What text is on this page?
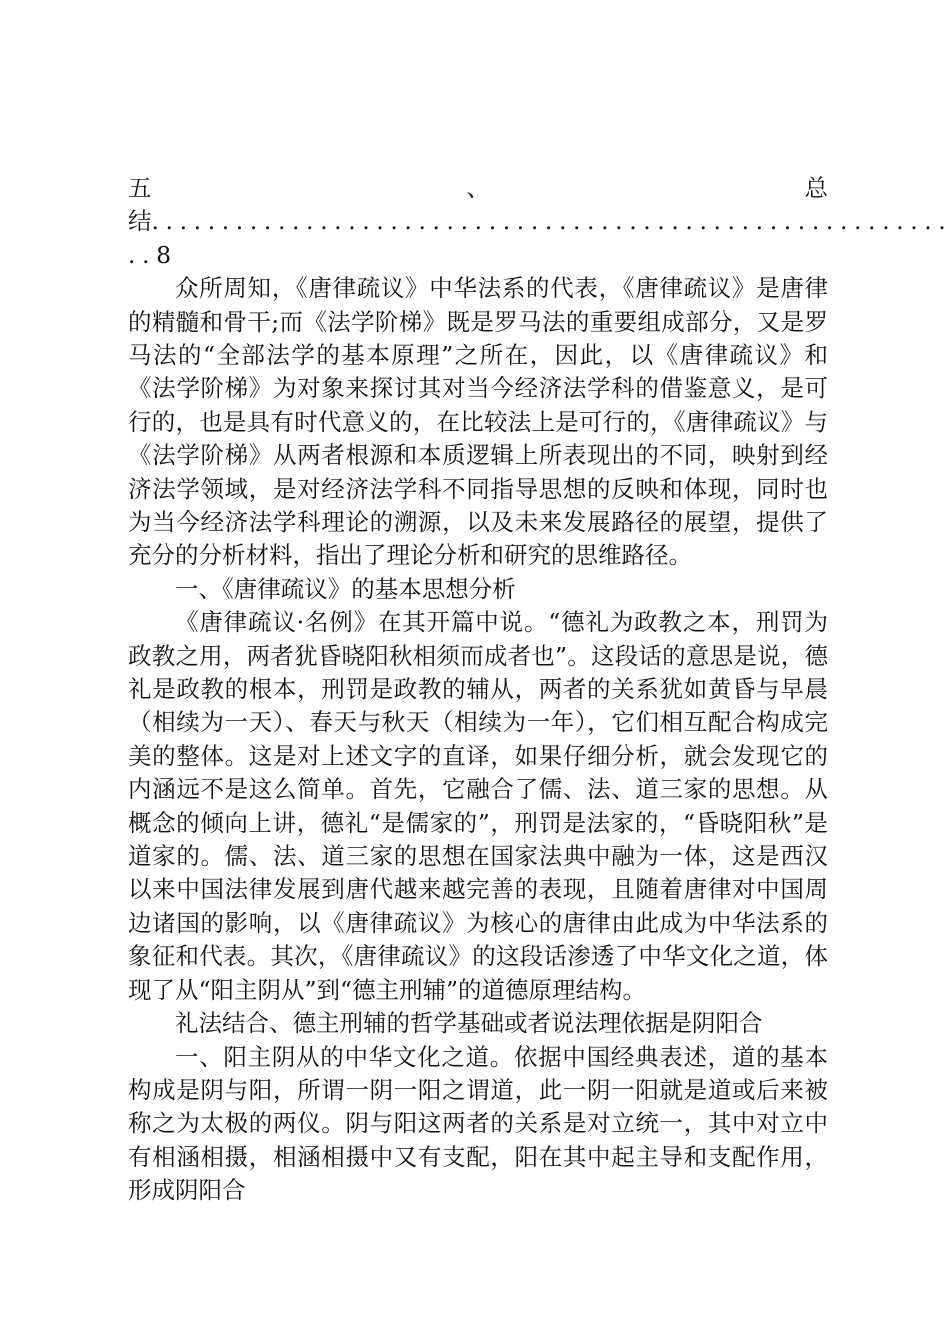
五	、	总
结.........................................................
..8

众所周知，《唐律疏议》中华法系的代表，《唐律疏议》是唐律的精髓和骨干;而《法学阶梯》既是罗马法的重要组成部分，又是罗马法的“全部法学的基本原理”之所在，因此，以《唐律疏议》和《法学阶梯》为对象来探讨其对当今经济法学科的借鉴意义，是可行的，也是具有时代意义的，在比较法上是可行的，《唐律疏议》与《法学阶梯》从两者根源和本质逻辑上所表现出的不同，映射到经济法学领域，是对经济法学科不同指导思想的反映和体现，同时也为当今经济法学科理论的溯源，以及未来发展路径的展望，提供了充分的分析材料，指出了理论分析和研究的思维路径。

一、《唐律疏议》的基本思想分析

《唐律疏议·名例》在其开篇中说。“德礼为政教之本，刑罚为政教之用，两者犹昏晓阳秋相须而成者也”。这段话的意思是说，德礼是政教的根本，刑罚是政教的辅从，两者的关系犹如黄昏与早晨（相续为一天）、春天与秋天（相续为一年），它们相互配合构成完美的整体。这是对上述文字的直译，如果仔细分析，就会发现它的内涵远不是这么简单。首先，它融合了儒、法、道三家的思想。从概念的倾向上讲，德礼“是儒家的”，刑罚是法家的，“昏晓阳秋”是道家的。儒、法、道三家的思想在国家法典中融为一体，这是西汉以来中国法律发展到唐代越来越完善的表现，且随着唐律对中国周边诸国的影响，以《唐律疏议》为核心的唐律由此成为中华法系的象征和代表。其次，《唐律疏议》的这段话渗透了中华文化之道，体现了从“阳主阴从”到“德主刑辅”的道德原理结构。

礼法结合、德主刑辅的哲学基础或者说法理依据是阴阳合

一、阳主阴从的中华文化之道。依据中国经典表述，道的基本构成是阴与阳，所谓一阴一阳之谓道，此一阴一阳就是道或后来被称之为太极的两仪。阴与阳这两者的关系是对立统一，其中对立中有相涵相摄，相涵相摄中又有支配，阳在其中起主导和支配作用，形成阴阳合
